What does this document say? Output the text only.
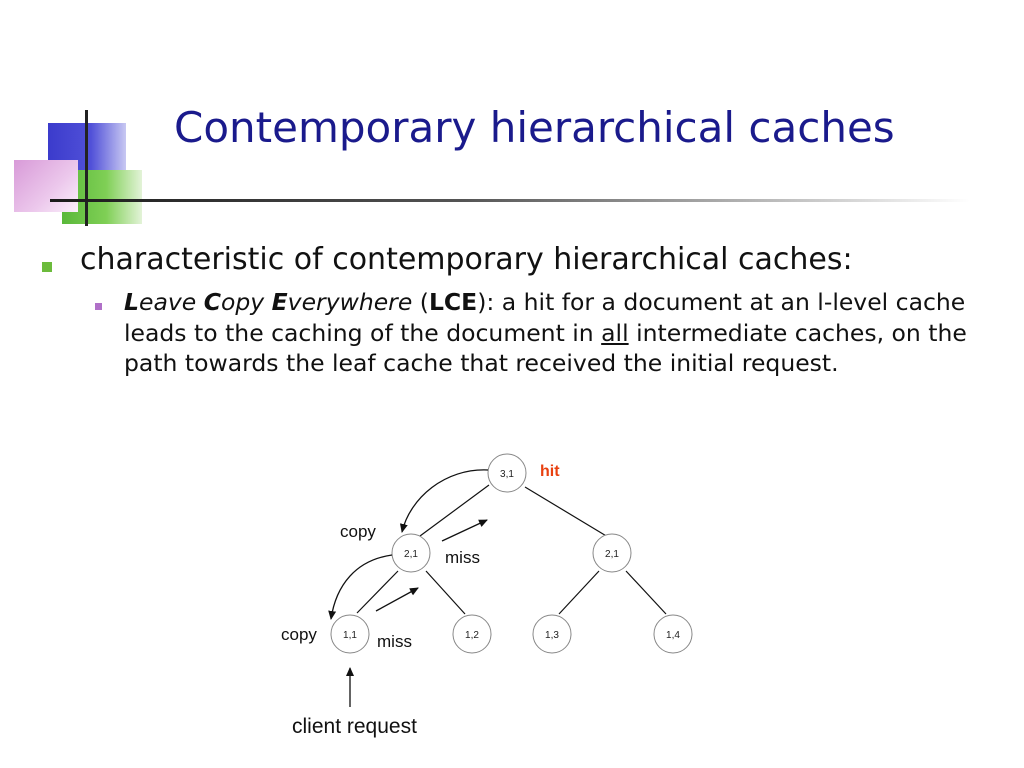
Contemporary hierarchical caches
characteristic of contemporary hierarchical caches:
Leave Copy Everywhere (LCE): a hit for a document at an l-level cache leads to the caching of the document in all intermediate caches, on the path towards the leaf cache that received the initial request.
3,1
2,1	2,1
1,1	1,2	1,3	1,4
hit
copy
copy
miss
miss
client request
